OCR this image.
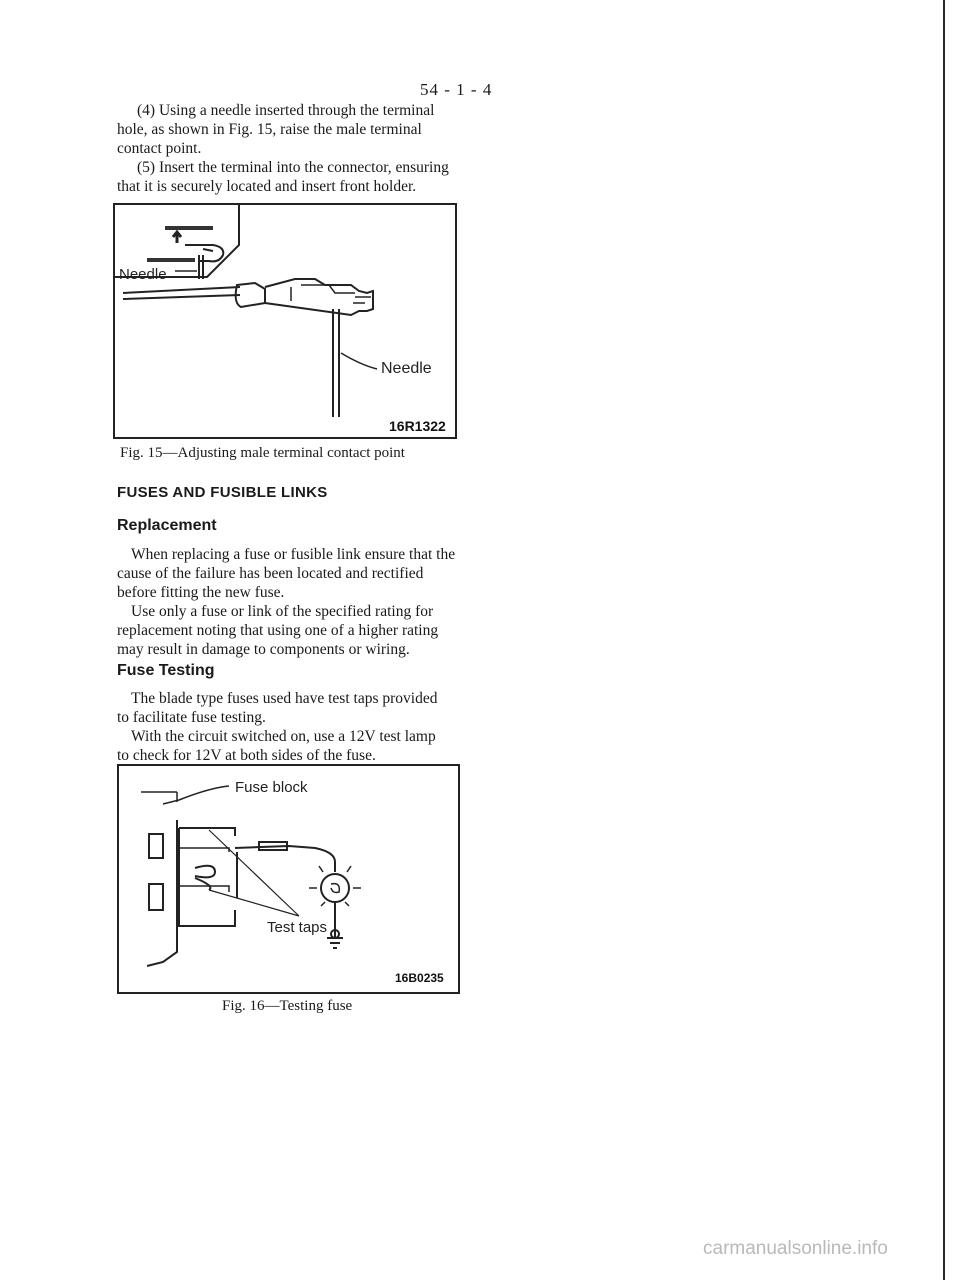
54 - 1 - 4
(4) Using a needle inserted through the terminal
hole, as shown in Fig. 15, raise the male terminal
contact point.
(5) Insert the terminal into the connector, ensuring
that it is securely located and insert front holder.
Needle
Needle
16R1322
Fig. 15—Adjusting male terminal contact point
FUSES AND FUSIBLE LINKS
Replacement
When replacing a fuse or fusible link ensure that the
cause of the failure has been located and rectified
before fitting the new fuse.
Use only a fuse or link of the specified rating for
replacement noting that using one of a higher rating
may result in damage to components or wiring.
Fuse Testing
The blade type fuses used have test taps provided
to facilitate fuse testing.
With the circuit switched on, use a 12V test lamp
to check for 12V at both sides of the fuse.
Fuse block
Test taps
16B0235
Fig. 16—Testing fuse
carmanualsonline.info
